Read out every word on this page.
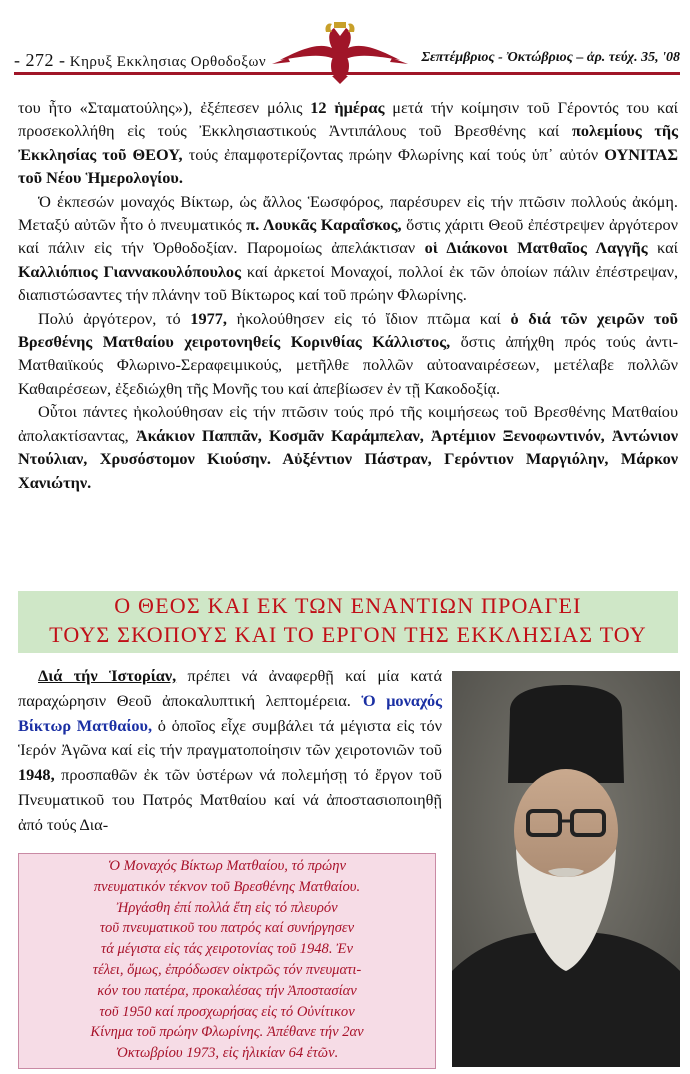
- 272 - Κηρυξ Εκκλησιας Ορθοδοξων	Σεπτέμβριος - Ὀκτώβριος – ἀρ. τεύχ. 35, '08

του ἦτο «Σταματούλης»), ἐξέπεσεν μόλις 12 ἡμέρας μετά τήν κοίμησιν τοῦ Γέροντός του καί προσεκολλήθη εἰς τούς Ἐκκλησιαστικούς Ἀντιπάλους τοῦ Βρεσθένης καί πολεμίους τῆς Ἐκκλησίας τοῦ ΘΕΟΥ, τούς ἐπαμφοτερίζοντας πρώην Φλωρίνης καί τούς ὑπ᾽ αὐτόν ΟΥΝΙΤΑΣ τοῦ Νέου Ἡμερολογίου.

Ὁ ἐκπεσών μοναχός Βίκτωρ, ὡς ἄλλος Ἑωσφόρος, παρέσυρεν εἰς τήν πτῶσιν πολλούς ἀκόμη. Μεταξύ αὐτῶν ἦτο ὁ πνευματικός π. Λουκᾶς Καραΐσκος, ὅστις χάριτι Θεοῦ ἐπέστρεψεν ἀργότερον καί πάλιν εἰς τήν Ὀρθοδοξίαν. Παρομοίως ἀπελάκτισαν οἱ Διάκονοι Ματθαῖος Λαγγῆς καί Καλλιόπιος Γιαννακουλόπουλος καί ἀρκετοί Μοναχοί, πολλοί ἐκ τῶν ὁποίων πάλιν ἐπέστρεψαν, διαπιστώσαντες τήν πλάνην τοῦ Βίκτωρος καί τοῦ πρώην Φλωρίνης.

Πολύ ἀργότερον, τό 1977, ἠκολούθησεν εἰς τό ἴδιον πτῶμα καί ὁ διά τῶν χειρῶν τοῦ Βρεσθένης Ματθαίου χειροτονηθείς Κορινθίας Κάλλιστος, ὅστις ἀπήχθη πρός τούς ἀντι-Ματθαιϊκούς Φλωρινο-Σεραφειμικούς, μετῆλθε πολλῶν αὐτοαναιρέσεων, μετέλαβε πολλῶν Καθαιρέσεων, ἐξεδιώχθη τῆς Μονῆς του καί ἀπεβίωσεν ἐν τῇ Κακοδοξίᾳ.

Οὗτοι πάντες ἠκολούθησαν εἰς τήν πτῶσιν τούς πρό τῆς κοιμήσεως τοῦ Βρεσθένης Ματθαίου ἀπολακτίσαντας, Ἀκάκιον Παππᾶν, Κοσμᾶν Καράμπελαν, Ἀρτέμιον Ξενοφωντινόν, Ἀντώνιον Ντούλιαν, Χρυσόστομον Κιούσην. Αὐξέντιον Πάστραν, Γερόντιον Μαργιόλην, Μάρκον Χανιώτην.

Ο ΘΕΟΣ ΚΑΙ ΕΚ ΤΩΝ ΕΝΑΝΤΙΩΝ ΠΡΟΑΓΕΙ
ΤΟΥΣ ΣΚΟΠΟΥΣ ΚΑΙ ΤΟ ΕΡΓΟΝ ΤΗΣ ΕΚΚΛΗΣΙΑΣ ΤΟΥ

Διά τήν Ἱστορίαν, πρέπει νά ἀναφερθῇ καί μία κατά παραχώρησιν Θεοῦ ἀποκαλυπτική λεπτομέρεια. Ὁ μοναχός Βίκτωρ Ματθαίου, ὁ ὁποῖος εἶχε συμβάλει τά μέγιστα εἰς τόν Ἱερόν Ἀγῶνα καί εἰς τήν πραγματοποίησιν τῶν χειροτονιῶν τοῦ 1948, προσπαθῶν ἐκ τῶν ὑστέρων νά πολεμήσῃ τό ἔργον τοῦ Πνευματικοῦ του Πατρός Ματθαίου καί νά ἀποστασιοποιηθῇ ἀπό τούς Δια-

Ὁ Μοναχός Βίκτωρ Ματθαίου, τό πρώην
πνευματικόν τέκνον τοῦ Βρεσθένης Ματθαίου.
Ἠργάσθη ἐπί πολλά ἔτη εἰς τό πλευρόν
τοῦ πνευματικοῦ του πατρός καί συνήργησεν
τά μέγιστα εἰς τάς χειροτονίας τοῦ 1948. Ἐν
τέλει, ὅμως, ἐπρόδωσεν οἰκτρῶς τόν πνευματι-
κόν του πατέρα, προκαλέσας τήν Ἀποστασίαν
τοῦ 1950 καί προσχωρήσας εἰς τό Οὐνίτικον
Κίνημα τοῦ πρώην Φλωρίνης. Ἀπέθανε τήν 2αν
Ὀκτωβρίου 1973, εἰς ἡλικίαν 64 ἐτῶν.
